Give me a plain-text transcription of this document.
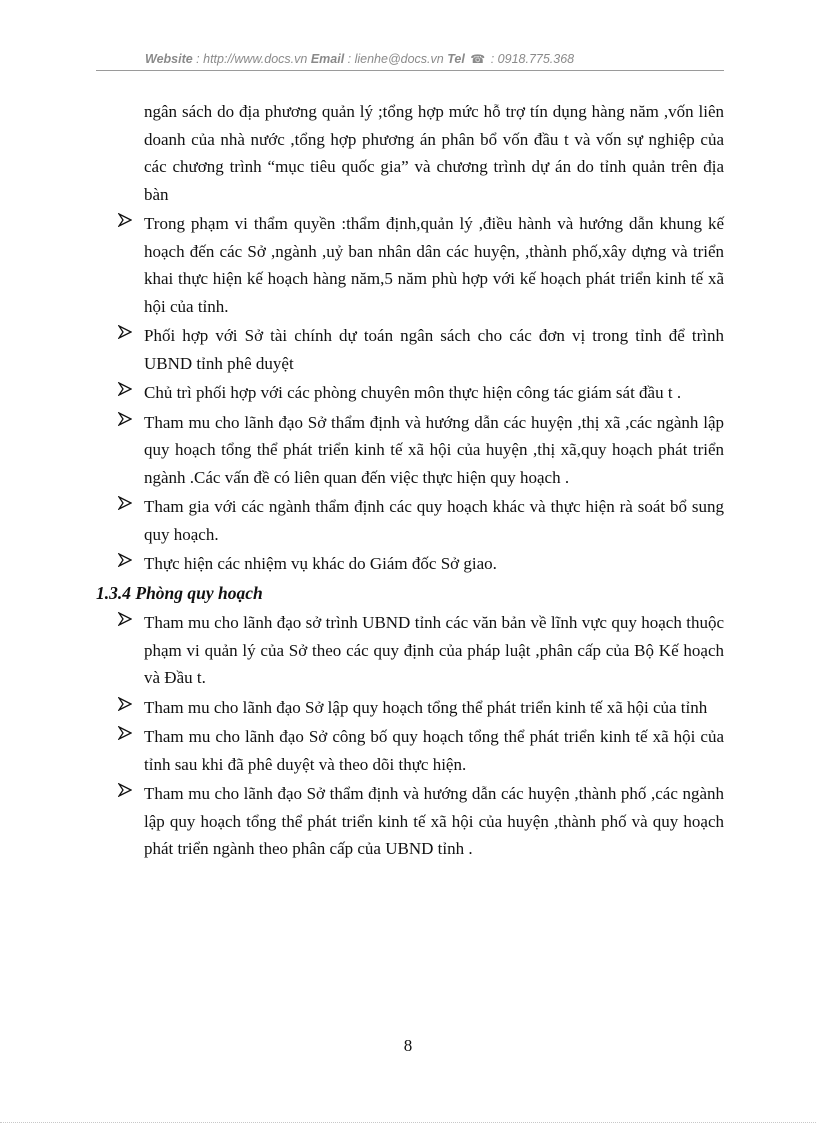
Website : http://www.docs.vn Email : lienhe@docs.vn Tel ☎ : 0918.775.368

ngân sách do địa phương quản lý ;tổng hợp mức hỗ trợ tín dụng hàng năm ,vốn liên doanh của nhà nước ,tổng hợp phương án phân bổ vốn đầu t và vốn sự nghiệp của các chương trình “mục tiêu quốc gia” và chương trình dự án do tỉnh quản trên địa bàn

Trong phạm vi thẩm quyền :thẩm định,quản lý ,điều hành và hướng dẫn khung kế hoạch đến các Sở ,ngành ,uỷ ban nhân dân các huyện, ,thành phố,xây dựng và triển khai thực hiện kế hoạch hàng năm,5 năm phù hợp với kế hoạch phát triển kinh tế xã hội của tỉnh.

Phối hợp với Sở tài chính dự toán ngân sách cho các đơn vị trong tỉnh để trình UBND tỉnh phê duyệt

Chủ trì phối hợp với các phòng chuyên môn thực hiện công tác giám sát đầu t .

Tham mu cho lãnh đạo Sở thẩm định và hướng dẫn các huyện ,thị xã ,các ngành lập quy hoạch tổng thể phát triển kinh tế xã hội của huyện ,thị xã,quy hoạch phát triển ngành .Các vấn đề có liên quan đến việc thực hiện quy hoạch .

Tham gia với các ngành thẩm định các quy hoạch khác và thực hiện rà soát bổ sung quy hoạch.

Thực hiện các nhiệm vụ khác do Giám đốc Sở giao.

1.3.4 Phòng quy hoạch

Tham mu cho lãnh đạo sở trình UBND tỉnh các văn bản về lĩnh vực quy hoạch thuộc phạm vi quản lý của Sở theo các quy định của pháp luật ,phân cấp của Bộ Kế hoạch và Đầu t.

Tham mu cho lãnh đạo Sở lập quy hoạch tổng thể phát triển kinh tế xã hội của tỉnh

Tham mu cho lãnh đạo Sở công bố quy hoạch tổng thể phát triển kinh tế xã hội của tỉnh sau khi đã phê duyệt và theo dõi thực hiện.

Tham mu cho lãnh đạo Sở thẩm định và hướng dẫn các huyện ,thành phố ,các ngành lập quy hoạch tổng thể phát triển kinh tế xã hội của huyện ,thành phố và quy hoạch phát triển ngành theo phân cấp của UBND tỉnh .

8
